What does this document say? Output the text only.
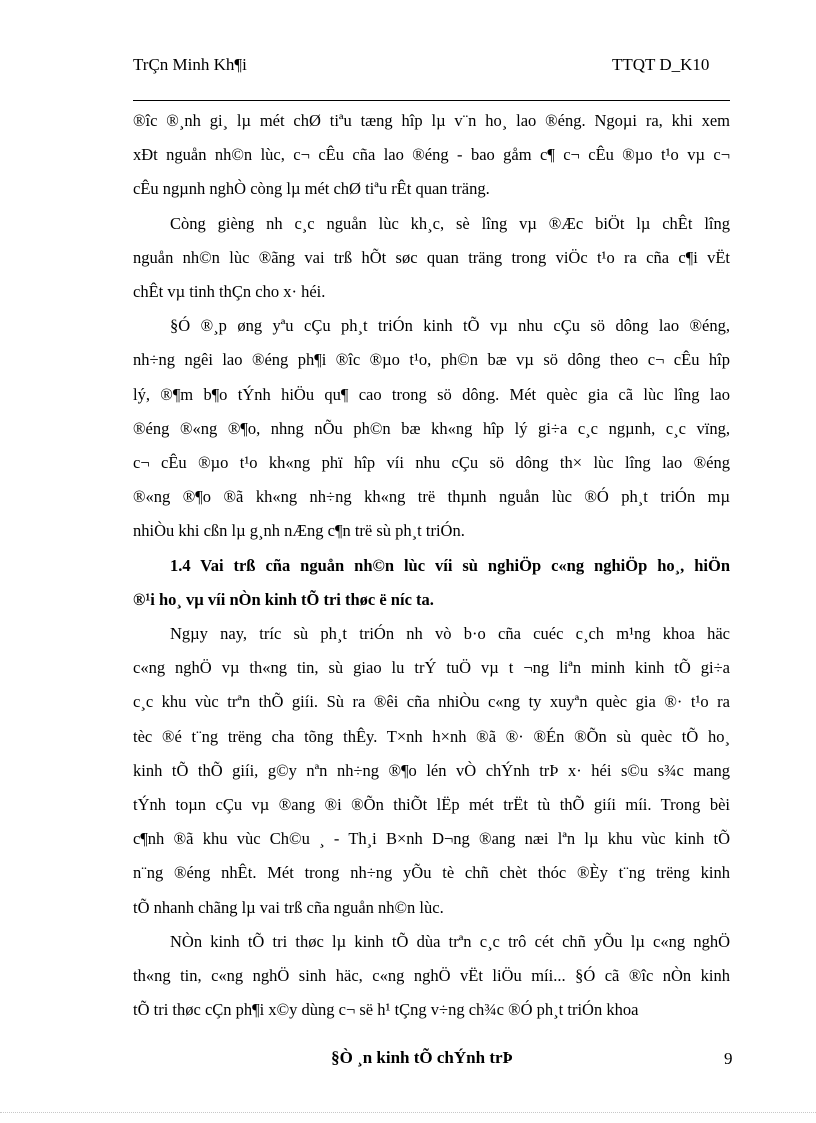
TrÇn Minh Kh¶i	TTQT D_K10

®îc ®¸nh gi¸ lµ mét chØ tiªu tæng hîp lµ v¨n ho¸ lao ®éng. Ngoµi ra, khi xem
xÐt nguån nh©n lùc, c¬ cÊu cña lao ®éng - bao gåm c¶ c¬ cÊu ®µo t¹o vµ c¬
cÊu ngµnh nghÒ còng lµ mét chØ tiªu rÊt quan träng.

Còng gièng nh c¸c nguån lùc kh¸c, sè lîng vµ ®Æc biÖt lµ chÊt lîng
nguån nh©n lùc ®ãng vai trß hÕt søc quan träng trong viÖc t¹o ra cña c¶i vËt
chÊt vµ tinh thÇn cho x· héi.

§Ó ®¸p øng yªu cÇu ph¸t triÓn kinh tÕ vµ nhu cÇu sö dông lao ®éng,
nh÷ng ngêi lao ®éng ph¶i ®îc ®µo t¹o, ph©n bæ vµ sö dông theo c¬ cÊu hîp
lý, ®¶m b¶o tÝnh hiÖu qu¶ cao trong sö dông. Mét quèc gia cã lùc lîng lao
®éng ®«ng ®¶o, nhng nÕu ph©n bæ kh«ng hîp lý gi÷a c¸c ngµnh, c¸c vïng,
c¬ cÊu ®µo t¹o kh«ng phï hîp víi nhu cÇu sö dông th× lùc lîng lao ®éng
®«ng ®¶o ®ã kh«ng nh÷ng kh«ng trë thµnh nguån lùc ®Ó ph¸t triÓn mµ
nhiÒu khi cßn lµ g¸nh nÆng c¶n trë sù ph¸t triÓn.

1.4 Vai trß cña nguån nh©n lùc víi sù nghiÖp c«ng nghiÖp ho¸, hiÖn
®¹i ho¸ vµ víi nÒn kinh tÕ tri thøc ë níc ta.

Ngµy nay, tríc sù ph¸t triÓn nh vò b·o cña cuéc c¸ch m¹ng khoa häc
c«ng nghÖ vµ th«ng tin, sù giao lu trÝ tuÖ vµ t ¬ng liªn minh kinh tÕ gi÷a
c¸c khu vùc trªn thÕ giíi. Sù ra ®êi cña nhiÒu c«ng ty xuyªn quèc gia ®· t¹o ra
tèc ®é t¨ng trëng cha tõng thÊy. T×nh h×nh ®ã ®· ®Én ®Õn sù quèc tÕ ho¸
kinh tÕ thÕ giíi, g©y nªn nh÷ng ®¶o lén vÒ chÝnh trÞ x· héi s©u s¾c mang
tÝnh toµn cÇu vµ ®ang ®i ®Õn thiÕt lËp mét trËt tù thÕ giíi míi. Trong bèi
c¶nh ®ã khu vùc Ch©u ¸ - Th¸i B×nh D¬ng ®ang næi lªn lµ khu vùc kinh tÕ
n¨ng ®éng nhÊt. Mét trong nh÷ng yÕu tè chñ chèt thóc ®Èy t¨ng trëng kinh
tÕ nhanh chãng lµ vai trß cña nguån nh©n lùc.

NÒn kinh tÕ tri thøc lµ kinh tÕ dùa trªn c¸c trô cét chñ yÕu lµ c«ng nghÖ
th«ng tin, c«ng nghÖ sinh häc, c«ng nghÖ vËt liÖu míi... §Ó cã ®îc nÒn kinh
tÕ tri thøc cÇn ph¶i x©y dùng c¬ së h¹ tÇng v÷ng ch¾c ®Ó ph¸t triÓn khoa

§Ò ¸n kinh tÕ chÝnh trÞ	9
